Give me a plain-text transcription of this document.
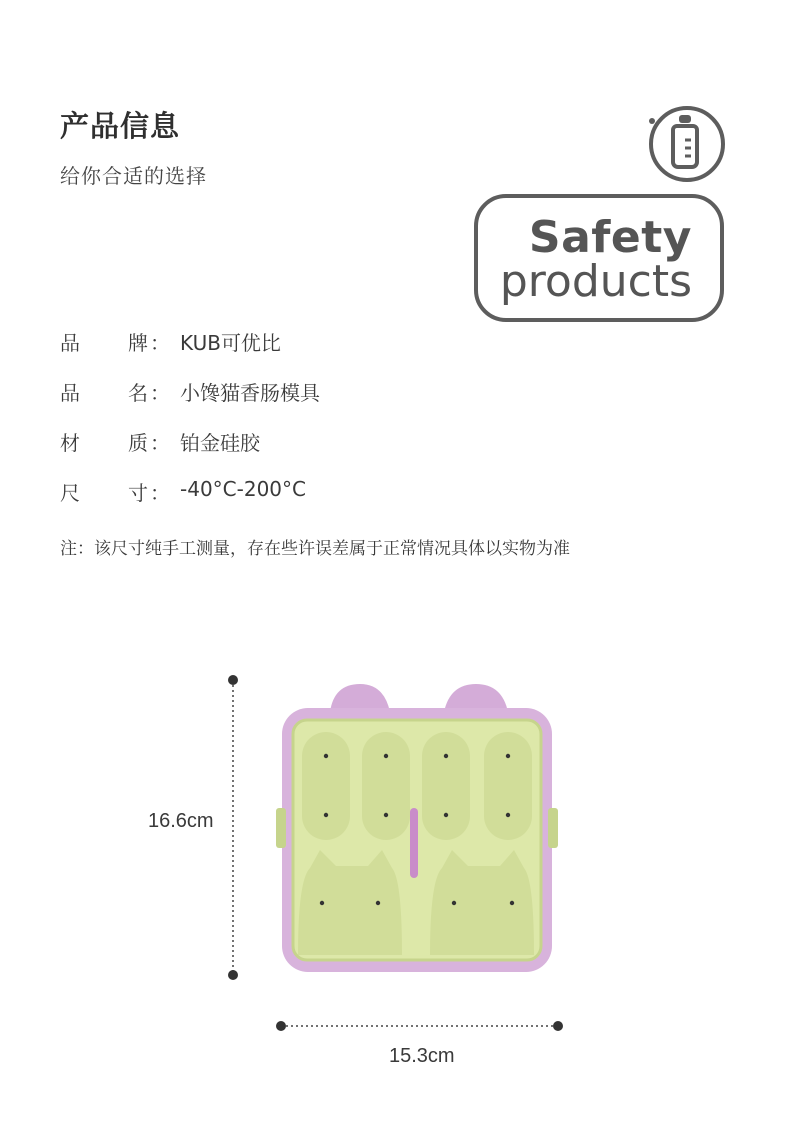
产品信息
给你合适的选择
Safety
products
品 牌 ： KUB可优比
品 名 ： 小馋猫香肠模具
材 质 ： 铂金硅胶
尺 寸 ： -40°C-200°C
注：该尺寸纯手工测量，存在些许误差属于正常情况具体以实物为准
16.6cm
15.3cm
